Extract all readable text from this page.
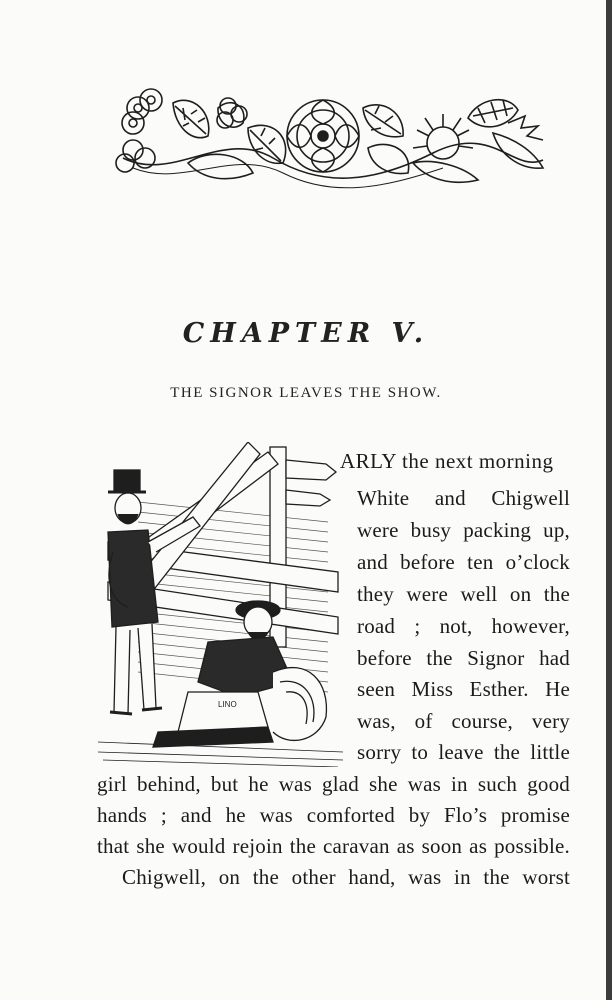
CHAPTER V.
THE SIGNOR LEAVES THE SHOW.
LINO
ARLY the next morning
White and Chigwell
were busy packing up,
and before ten o’clock
they were well on the
road ; not, however,
before the Signor had
seen Miss Esther. He
was, of course, very
sorry to leave the little
girl behind, but he was glad she was in such good
hands ; and he was comforted by Flo’s promise
that she would rejoin the caravan as soon as possible.
Chigwell, on the other hand, was in the worst
